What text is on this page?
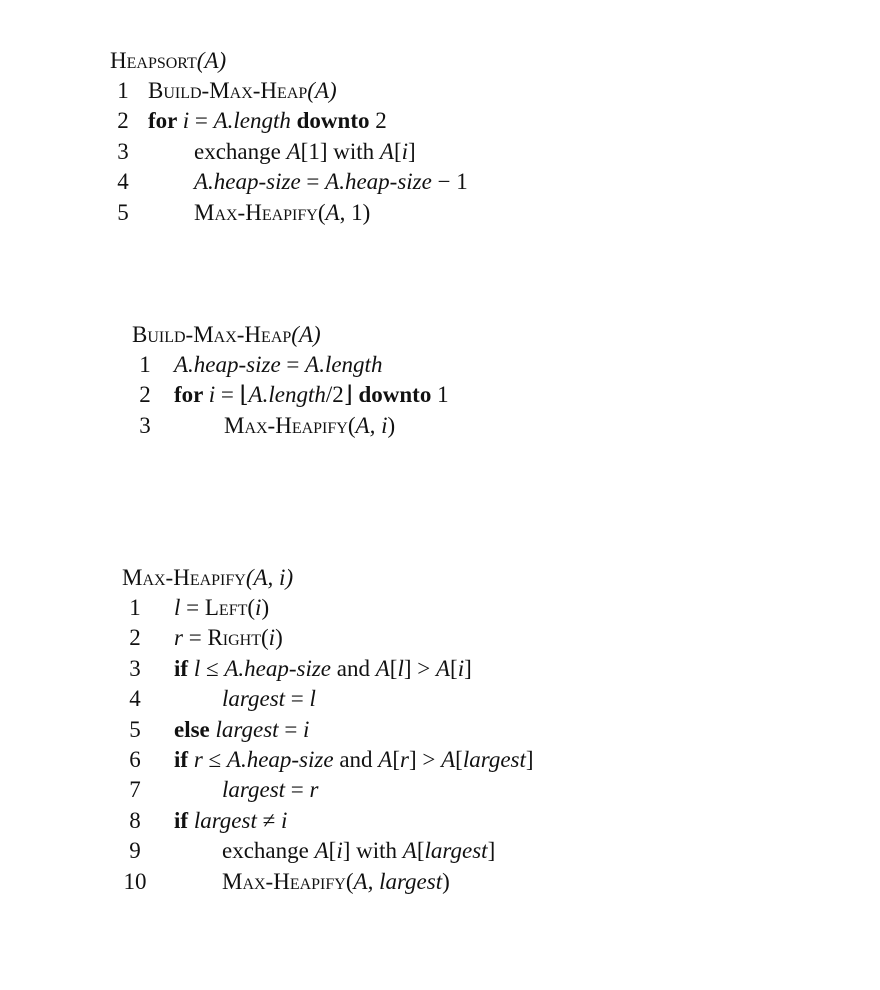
Heapsort(A)
1 Build-Max-Heap(A)
2 for i = A.length downto 2
3	exchange A[1] with A[i]
4	A.heap-size = A.heap-size − 1
5	Max-Heapify(A, 1)
Build-Max-Heap(A)
1	A.heap-size = A.length
2	for i = ⌊A.length/2⌋ downto 1
3	Max-Heapify(A, i)
Max-Heapify(A, i)
1	l = Left(i)
2	r = Right(i)
3	if l ≤ A.heap-size and A[l] > A[i]
4	largest = l
5	else largest = i
6	if r ≤ A.heap-size and A[r] > A[largest]
7	largest = r
8	if largest ≠ i
9	exchange A[i] with A[largest]
10	Max-Heapify(A, largest)
